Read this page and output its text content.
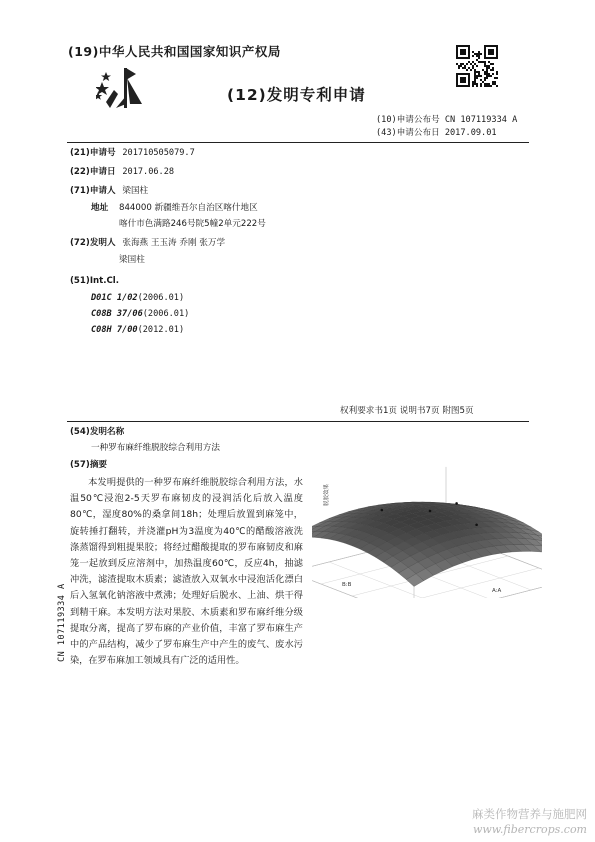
(19)中华人民共和国国家知识产权局
(12)发明专利申请
(10)申请公布号 CN 107119334 A
(43)申请公布日 2017.09.01
(21)申请号 201710505079.7
(22)申请日 2017.06.28
(71)申请人 梁国柱
地址 844000 新疆维吾尔自治区喀什地区
喀什市色满路246号院5幢2单元222号
(72)发明人 张海燕 王玉涛 乔刚 张万学
梁国柱
(51)Int.Cl.
D01C 1/02(2006.01)
C08B 37/06(2006.01)
C08H 7/00(2012.01)
权利要求书1页 说明书7页 附图5页
(54)发明名称
一种罗布麻纤维脱胶综合利用方法
(57)摘要
本发明提供的一种罗布麻纤维脱胶综合利用方法，水温50℃浸泡2-5天罗布麻韧皮的浸润活化后放入温度80℃，湿度80%的桑拿间18h；处理后放置到麻笼中，旋转捶打翻转，并浇灌pH为3温度为40℃的醋酸溶液洗涤蒸馏得到粗提果胶；将经过醋酸提取的罗布麻韧皮和麻笼一起放到反应溶剂中，加热温度60℃，反应4h，抽滤冲洗，滤渣提取木质素；滤渣放入双氧水中浸泡活化漂白后入氢氧化钠溶液中煮沸；处理好后脱水、上油、烘干得到精干麻。本发明方法对果胶、木质素和罗布麻纤维分级提取分离，提高了罗布麻的产业价值，丰富了罗布麻生产中的产品结构，减少了罗布麻生产中产生的废气、废水污染，在罗布麻加工领域具有广泛的适用性。
脱胶效果
A:A
B:B
CN 107119334 A
麻类作物营养与施肥网
www.fibercrops.com
